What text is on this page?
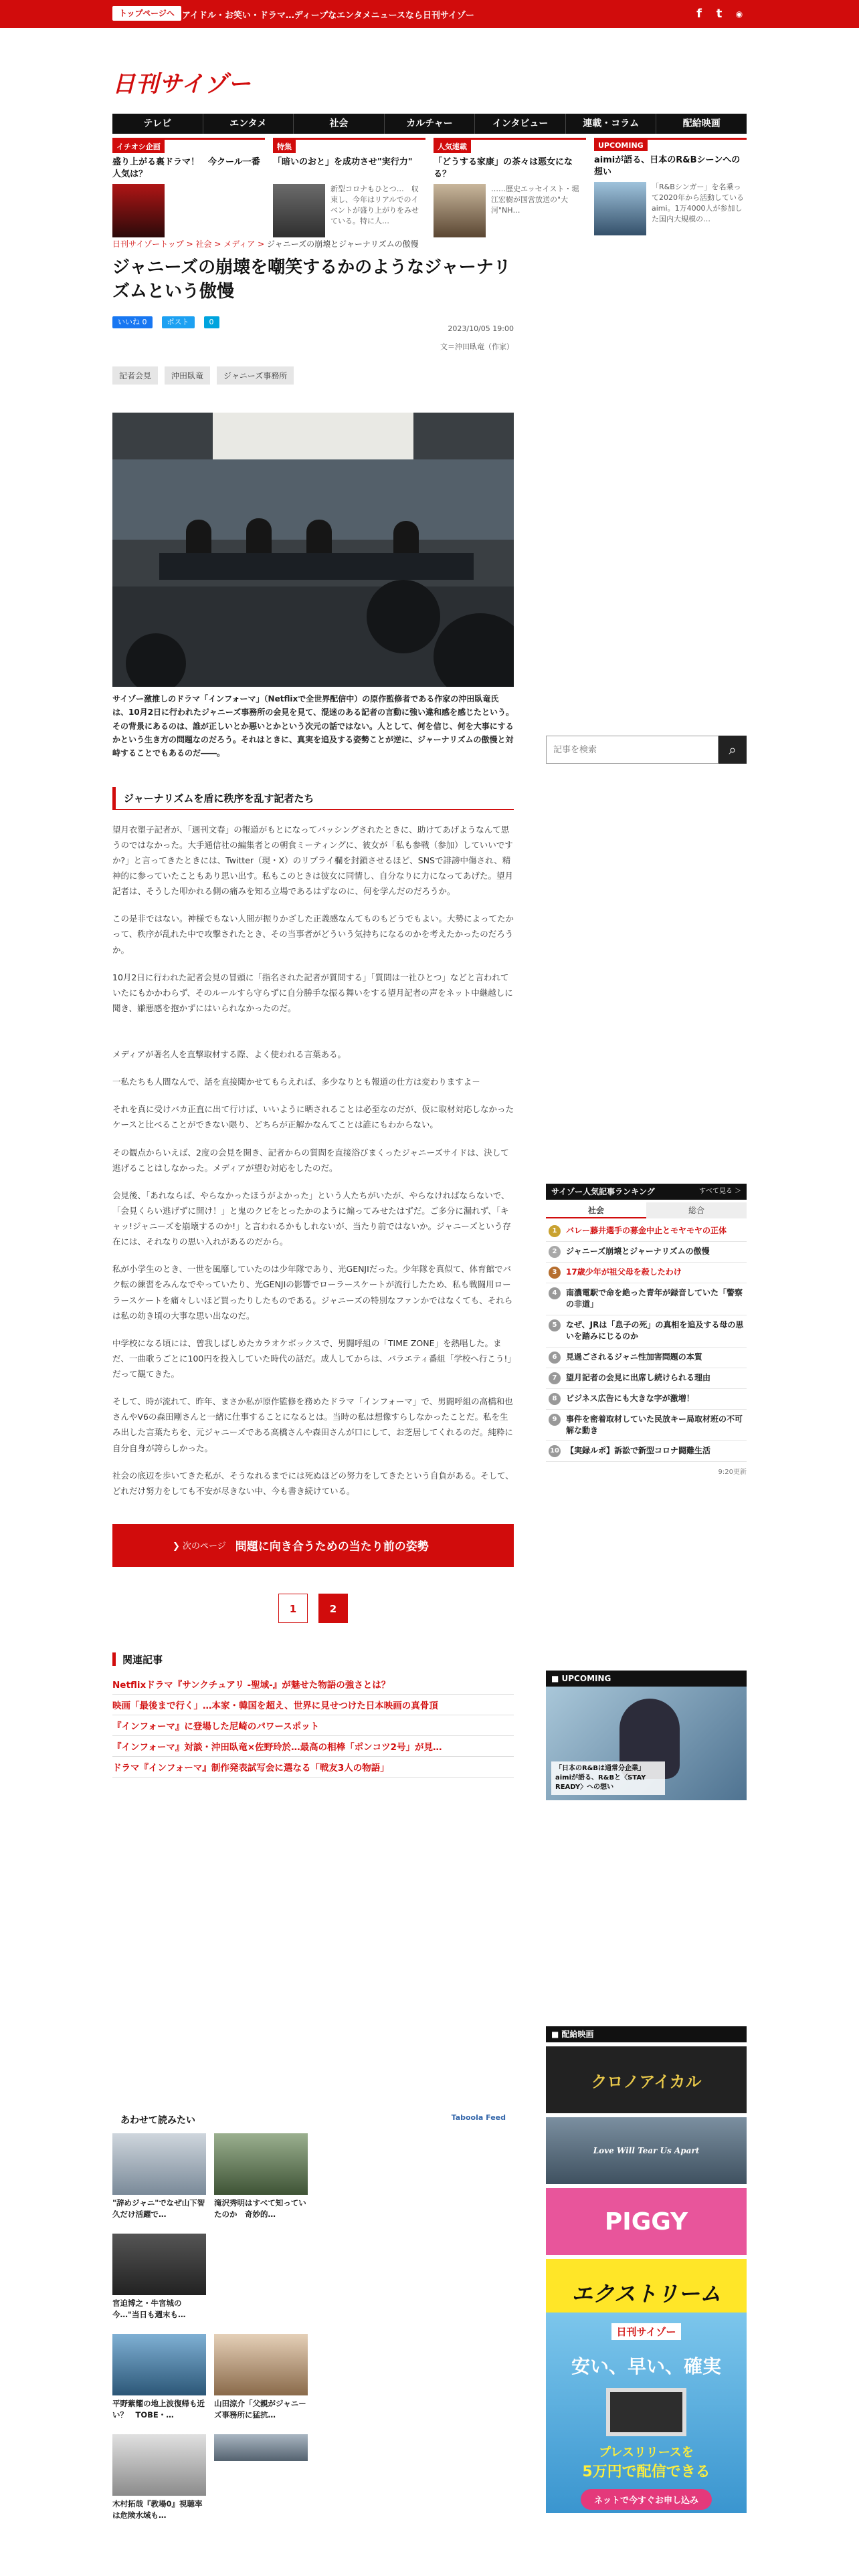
トップページへ アイドル・お笑い・ドラマ…ディープなエンタメニュースなら日刊サイゾー	f	t	◉
日刊サイゾー
テレビ	エンタメ	社会	カルチャー	インタビュー	連載・コラム	配給映画
イチオシ企画
盛り上がる裏ドラマ！　今クール一番人気は？
特集
「暗いのおと」を成功させ"実行力"
新型コロナもひとつ…　収束し、今年はリアルでのイベントが盛り上がりをみせている。特に人…
人気連載
「どうする家康」の茶々は悪女になる？
……歴史エッセイスト・堀江宏樹が国営放送の"大河"NH…
UPCOMING
aimiが語る、日本のR&Bシーンへの想い
「R&Bシンガー」を名乗って2020年から活動しているaimi。1万4000人が参加した国内大規模の…
日刊サイゾートップ > 社会 > メディア > ジャニーズの崩壊とジャーナリズムの傲慢
ジャニーズの崩壊を嘲笑するかのようなジャーナリズムという傲慢
いいね 0	ポスト	0
2023/10/05 19:00
文＝沖田臥竜（作家）
記者会見	沖田臥竜	ジャニーズ事務所

サイゾー激推しのドラマ「インフォーマ」（Netflixで全世界配信中）の原作監修者である作家の沖田臥竜氏は、10月2日に行われたジャニーズ事務所の会見を見て、混迷のある記者の言動に強い違和感を感じたという。その背景にあるのは、誰が正しいとか悪いとかという次元の話ではない。人として、何を信じ、何を大事にするかという生き方の問題なのだろう。それはときに、真実を追及する姿勢ことが逆に、ジャーナリズムの傲慢と対峙することでもあるのだ――。

ジャーナリズムを盾に秩序を乱す記者たち

望月衣塑子記者が、「週刊文春」の報道がもとになってバッシングされたときに、助けてあげようなんて思うのではなかった。大手通信社の編集者との朝食ミーティングに、彼女が「私も参戦（参加）していいですか?」と言ってきたときには、Twitter（現・X）のリプライ欄を封鎖させるほど、SNSで誹謗中傷され、精神的に参っていたこともあり思い出す。私もこのときは彼女に同情し、自分なりに力になってあげた。望月記者は、そうした叩かれる側の痛みを知る立場であるはずなのに、何を学んだのだろうか。

この是非ではない。神様でもない人間が振りかざした正義感なんてものもどうでもよい。大勢によってたかって、秩序が乱れた中で攻撃されたとき、その当事者がどういう気持ちになるのかを考えたかったのだろうか。

10月2日に行われた記者会見の冒頭に「指名された記者が質問する」「質問は一社ひとつ」などと言われていたにもかかわらず、そのルールすら守らずに自分勝手な振る舞いをする望月記者の声をネット中継越しに聞き、嫌悪感を抱かずにはいられなかったのだ。

メディアが著名人を直撃取材する際、よく使われる言葉ある。

一私たちも人間なんで、話を直接聞かせてもらえれば、多少なりとも報道の仕方は変わりますよ－

それを真に受けバカ正直に出て行けば、いいように晒されることは必至なのだが、仮に取材対応しなかったケースと比べることができない限り、どちらが正解かなんてことは誰にもわからない。

その観点からいえば、2度の会見を開き、記者からの質問を直接浴びまくったジャニーズサイドは、決して逃げることはしなかった。メディアが望む対応をしたのだ。

会見後、「あれならば、やらなかったほうがよかった」という人たちがいたが、やらなければならないで、「会見くらい逃げずに開け！」と鬼のクビをとったかのように煽ってみせたはずだ。ご多分に漏れず、「キャッ!ジャニーズを崩壊するのか!」と言われるかもしれないが、当たり前ではないか。ジャニーズという存在には、それなりの思い入れがあるのだから。

私が小学生のとき、一世を風靡していたのは少年隊であり、光GENJIだった。少年隊を真似て、体育館でバク転の練習をみんなでやっていたり、光GENJIの影響でローラースケートが流行したため、私も戦闘用ローラースケートを痛々しいほど買ったりしたものである。ジャニーズの特別なファンかではなくても、それらは私の幼き頃の大事な思い出なのだ。

中学校になる頃には、曽我しばしめたカラオケボックスで、男闘呼組の「TIME ZONE」を熱唱した。まだ、一曲歌うごとに100円を投入していた時代の話だ。成人してからは、バラエティ番組「学校へ行こう!」だって観てきた。

そして、時が流れて、昨年、まさか私が原作監修を務めたドラマ「インフォーマ」で、男闘呼組の高橋和也さんやV6の森田剛さんと一緒に仕事することになるとは。当時の私は想像すらしなかったことだ。私を生み出した言葉たちを、元ジャニーズである高橋さんや森田さんが口にして、お芝居してくれるのだ。純粋に自分自身が誇らしかった。

社会の底辺を歩いてきた私が、そうなれるまでには死ぬほどの努力をしてきたという自負がある。そして、どれだけ努力をしても不安が尽きない中、今も書き続けている。

❯ 次のページ 問題に向き合うための当たり前の姿勢
1	2
関連記事
Netflixドラマ『サンクチュアリ -聖域-』が魅せた物語の強さとは？
映画「最後まで行く」…本家・韓国を超え、世界に見せつけた日本映画の真骨頂
『インフォーマ』に登場した尼崎のパワースポット
『インフォーマ』対談・沖田臥竜×佐野玲於…最高の相棒「ポンコツ2号」が見…
ドラマ『インフォーマ』制作発表試写会に選なる「戦友3人の物語」
あわせて読みたい	Taboola Feed
"辞めジャニ"でなぜ山下智久だけ活躍で…
滝沢秀明はすべて知っていたのか　奇妙的…
宮迫博之・牛宮城の今…"当日も週末も…
平野紫耀の地上波復帰も近い？　TOBE・…
山田涼介「父親がジャニーズ事務所に猛抗…
木村拓哉『教場0』視聴率は危険水域も…
記事を検索
⌕
サイゾー人気記事ランキング	すべて見る ＞
社会	総合
1	バレー藤井選手の募金中止とモヤモヤの正体
2	ジャニーズ崩壊とジャーナリズムの傲慢
3	17歳少年が祖父母を殺したわけ
4	南濃電駅で命を絶った青年が録音していた「警察の非道」
5	なぜ、JRは「息子の死」の真相を追及する母の思いを踏みにじるのか
6	見過ごされるジャニ性加害問題の本質
7	望月記者の会見に出席し続けられる理由
8	ビジネス広告にも大きな字が激増！
9	事件を密着取材していた民放キー局取材班の不可解な動き
10 【実録ルポ】訴訟で新型コロナ闘難生活
9:20更新
■ UPCOMING
「日本のR&Bは通常分企業」aimiが語る、R&Bと〈STAY READY〉への想い
■ 配給映画
クロノアイカル
Love Will Tear Us Apart
PIGGY
エクストリーム
日刊サイゾー
安い、早い、確実
プレスリリースを
5万円で配信できる
ネットで今すぐお申し込み
